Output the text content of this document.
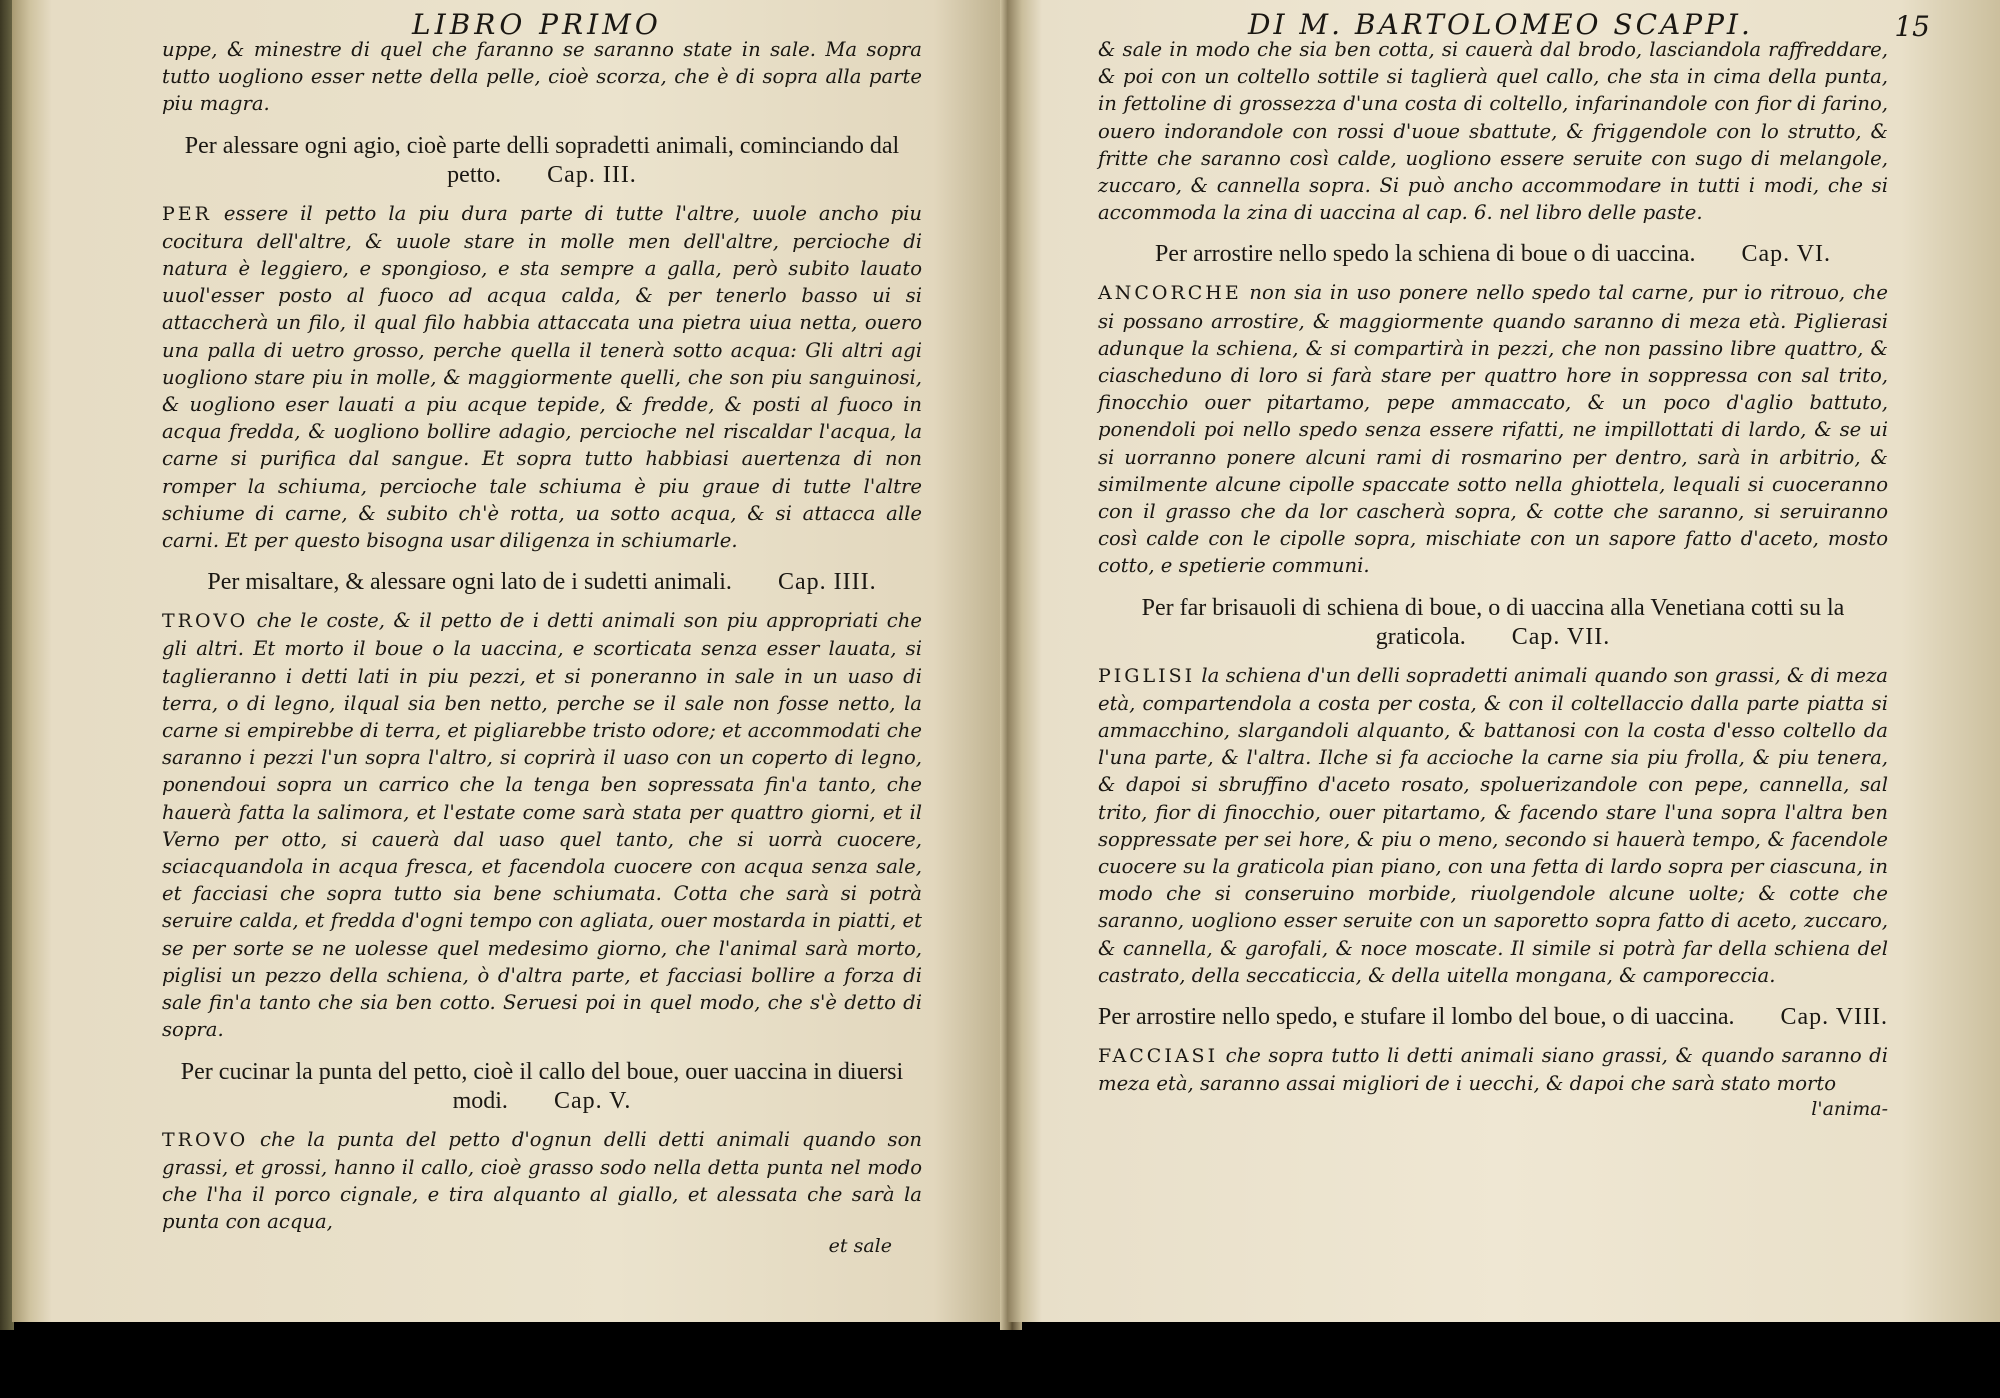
LIBRO PRIMO

uppe, & minestre di quel che faranno se saranno state in sale. Ma sopra tutto uogliono esser nette della pelle, cioè scorza, che è di sopra alla parte piu magra.

Per alessare ogni agio, cioè parte delli sopradetti animali, cominciando dal petto. Cap. III.

PER essere il petto la piu dura parte di tutte l'altre, uuole ancho piu cocitura dell'altre, & uuole stare in molle men dell'altre, percioche di natura è leggiero, e spongioso, e sta sempre a galla, però subito lauato uuol'esser posto al fuoco ad acqua calda, & per tenerlo basso ui si attaccherà un filo, il qual filo habbia attaccata una pietra uiua netta, ouero una palla di uetro grosso, perche quella il tenerà sotto acqua: Gli altri agi uogliono stare piu in molle, & maggiormente quelli, che son piu sanguinosi, & uogliono eser lauati a piu acque tepide, & fredde, & posti al fuoco in acqua fredda, & uogliono bollire adagio, percioche nel riscaldar l'acqua, la carne si purifica dal sangue. Et sopra tutto habbiasi auertenza di non romper la schiuma, percioche tale schiuma è piu graue di tutte l'altre schiume di carne, & subito ch'è rotta, ua sotto acqua, & si attacca alle carni. Et per questo bisogna usar diligenza in schiumarle.

Per misaltare, & alessare ogni lato de i sudetti animali. Cap. IIII.

TROVO che le coste, & il petto de i detti animali son piu appropriati che gli altri. Et morto il boue o la uaccina, e scorticata senza esser lauata, si taglieranno i detti lati in piu pezzi, et si poneranno in sale in un uaso di terra, o di legno, ilqual sia ben netto, perche se il sale non fosse netto, la carne si empirebbe di terra, et pigliarebbe tristo odore; et accommodati che saranno i pezzi l'un sopra l'altro, si coprirà il uaso con un coperto di legno, ponendoui sopra un carrico che la tenga ben sopressata fin'a tanto, che hauerà fatta la salimora, et l'estate come sarà stata per quattro giorni, et il Verno per otto, si cauerà dal uaso quel tanto, che si uorrà cuocere, sciacquandola in acqua fresca, et facendola cuocere con acqua senza sale, et facciasi che sopra tutto sia bene schiumata. Cotta che sarà si potrà seruire calda, et fredda d'ogni tempo con agliata, ouer mostarda in piatti, et se per sorte se ne uolesse quel medesimo giorno, che l'animal sarà morto, piglisi un pezzo della schiena, ò d'altra parte, et facciasi bollire a forza di sale fin'a tanto che sia ben cotto. Seruesi poi in quel modo, che s'è detto di sopra.

Per cucinar la punta del petto, cioè il callo del boue, ouer uaccina in diuersi modi. Cap. V.

TROVO che la punta del petto d'ognun delli detti animali quando son grassi, et grossi, hanno il callo, cioè grasso sodo nella detta punta nel modo che l'ha il porco cignale, e tira alquanto al giallo, et alessata che sarà la punta con acqua,

et sale

DI M. BARTOLOMEO SCAPPI.	15

& sale in modo che sia ben cotta, si cauerà dal brodo, lasciandola raffreddare, & poi con un coltello sottile si taglierà quel callo, che sta in cima della punta, in fettoline di grossezza d'una costa di coltello, infarinandole con fior di farino, ouero indorandole con rossi d'uoue sbattute, & friggendole con lo strutto, & fritte che saranno così calde, uogliono essere seruite con sugo di melangole, zuccaro, & cannella sopra. Si può ancho accommodare in tutti i modi, che si accommoda la zina di uaccina al cap. 6. nel libro delle paste.

Per arrostire nello spedo la schiena di boue o di uaccina. Cap. VI.

ANCORCHE non sia in uso ponere nello spedo tal carne, pur io ritrouo, che si possano arrostire, & maggiormente quando saranno di meza età. Piglierasi adunque la schiena, & si compartirà in pezzi, che non passino libre quattro, & ciascheduno di loro si farà stare per quattro hore in soppressa con sal trito, finocchio ouer pitartamo, pepe ammaccato, & un poco d'aglio battuto, ponendoli poi nello spedo senza essere rifatti, ne impillottati di lardo, & se ui si uorranno ponere alcuni rami di rosmarino per dentro, sarà in arbitrio, & similmente alcune cipolle spaccate sotto nella ghiottela, lequali si cuoceranno con il grasso che da lor cascherà sopra, & cotte che saranno, si seruiranno così calde con le cipolle sopra, mischiate con un sapore fatto d'aceto, mosto cotto, e spetierie communi.

Per far brisauoli di schiena di boue, o di uaccina alla Venetiana cotti su la graticola. Cap. VII.

PIGLISI la schiena d'un delli sopradetti animali quando son grassi, & di meza età, compartendola a costa per costa, & con il coltellaccio dalla parte piatta si ammacchino, slargandoli alquanto, & battanosi con la costa d'esso coltello da l'una parte, & l'altra. Ilche si fa accioche la carne sia piu frolla, & piu tenera, & dapoi si sbruffino d'aceto rosato, spoluerizandole con pepe, cannella, sal trito, fior di finocchio, ouer pitartamo, & facendo stare l'una sopra l'altra ben soppressate per sei hore, & piu o meno, secondo si hauerà tempo, & facendole cuocere su la graticola pian piano, con una fetta di lardo sopra per ciascuna, in modo che si conseruino morbide, riuolgendole alcune uolte; & cotte che saranno, uogliono esser seruite con un saporetto sopra fatto di aceto, zuccaro, & cannella, & garofali, & noce moscate. Il simile si potrà far della schiena del castrato, della seccaticcia, & della uitella mongana, & camporeccia.

Per arrostire nello spedo, e stufare il lombo del boue, o di uaccina. Cap. VIII.

FACCIASI che sopra tutto li detti animali siano grassi, & quando saranno di meza età, saranno assai migliori de i uecchi, & dapoi che sarà stato morto

l'anima-
